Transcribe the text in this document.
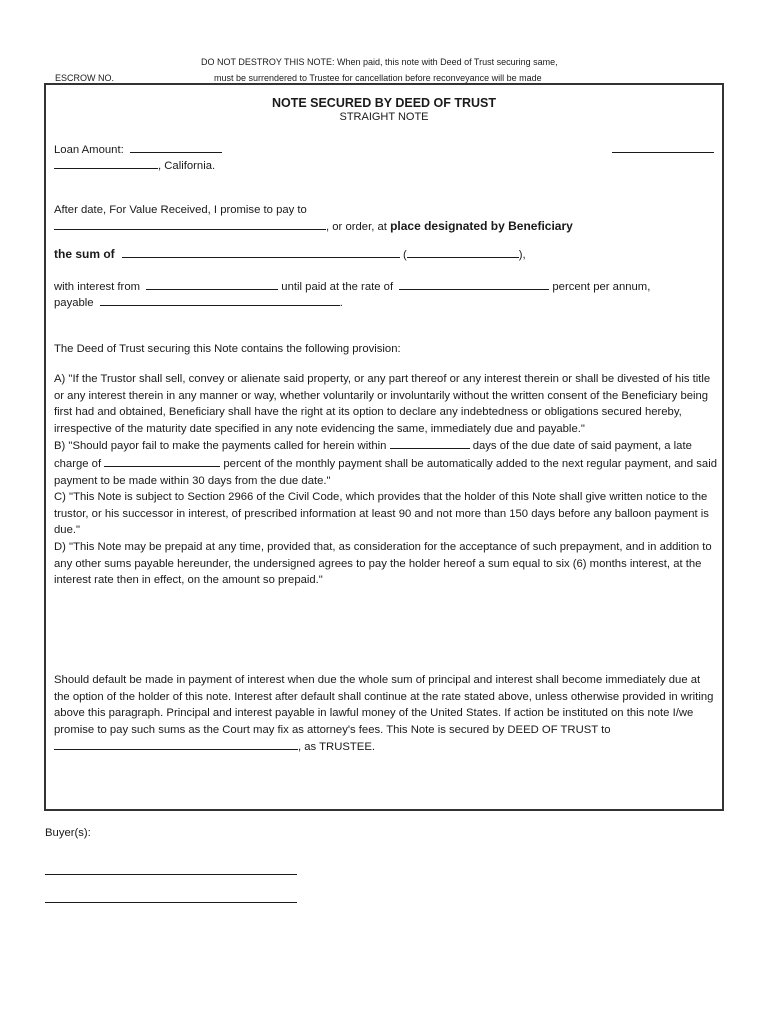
DO NOT DESTROY THIS NOTE: When paid, this note with Deed of Trust securing same,
must be surrendered to Trustee for cancellation before reconveyance will be made
ESCROW NO.
NOTE SECURED BY DEED OF TRUST
STRAIGHT NOTE
Loan Amount:
, California.
After date, For Value Received, I promise to pay to
, or order, at place designated by Beneficiary
the sum of	(	),
with interest from	until paid at the rate of	percent per annum,
payable	.
The Deed of Trust securing this Note contains the following provision:

A) "If the Trustor shall sell, convey or alienate said property, or any part thereof or any interest therein or shall be divested of his title or any interest therein in any manner or way, whether voluntarily or involuntarily without the written consent of the Beneficiary being first had and obtained, Beneficiary shall have the right at its option to declare any indebtedness or obligations secured hereby, irrespective of the maturity date specified in any note evidencing the same, immediately due and payable."

B) "Should payor fail to make the payments called for herein within	days of the due date of said payment, a late charge of	percent of the monthly payment shall be automatically added to the next regular payment, and said payment to be made within 30 days from the due date."

C) "This Note is subject to Section 2966 of the Civil Code, which provides that the holder of this Note shall give written notice to the trustor, or his successor in interest, of prescribed information at least 90 and not more than 150 days before any balloon payment is due."

D) "This Note may be prepaid at any time, provided that, as consideration for the acceptance of such prepayment, and in addition to any other sums payable hereunder, the undersigned agrees to pay the holder hereof a sum equal to six (6) months interest, at the interest rate then in effect, on the amount so prepaid."

Should default be made in payment of interest when due the whole sum of principal and interest shall become immediately due at the option of the holder of this note. Interest after default shall continue at the rate stated above, unless otherwise provided in writing above this paragraph. Principal and interest payable in lawful money of the United States. If action be instituted on this note I/we promise to pay such sums as the Court may fix as attorney's fees. This Note is secured by DEED OF TRUST to , as TRUSTEE.
Buyer(s):
